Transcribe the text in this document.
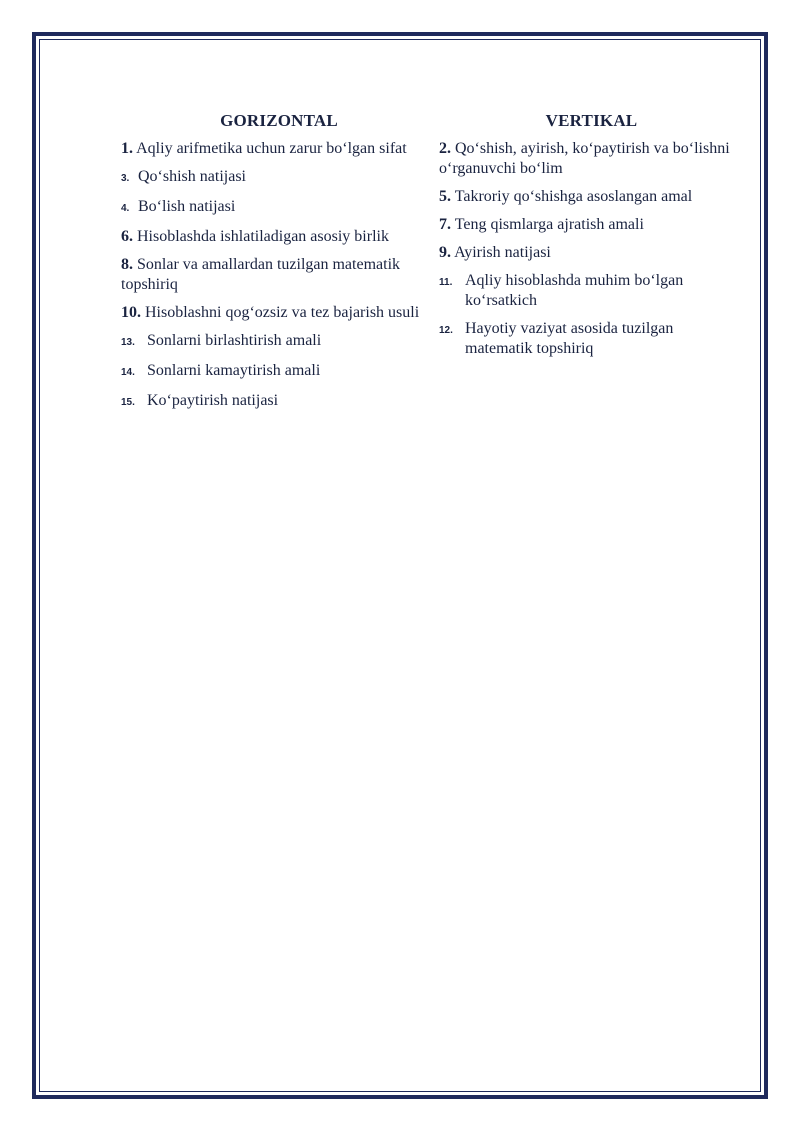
GORIZONTAL
1. Aqliy arifmetika uchun zarur bo‘lgan sifat
3. Qo‘shish natijasi
4. Bo‘lish natijasi
6. Hisoblashda ishlatiladigan asosiy birlik
8. Sonlar va amallardan tuzilgan matematik topshiriq
10. Hisoblashni qog‘ozsiz va tez bajarish usuli
13. Sonlarni birlashtirish amali
14. Sonlarni kamaytirish amali
15. Ko‘paytirish natijasi
VERTIKAL
2. Qo‘shish, ayirish, ko‘paytirish va bo‘lishni o‘rganuvchi bo‘lim
5. Takroriy qo‘shishga asoslangan amal
7. Teng qismlarga ajratish amali
9. Ayirish natijasi
11. Aqliy hisoblashda muhim bo‘lgan ko‘rsatkich
12. Hayotiy vaziyat asosida tuzilgan matematik topshiriq
